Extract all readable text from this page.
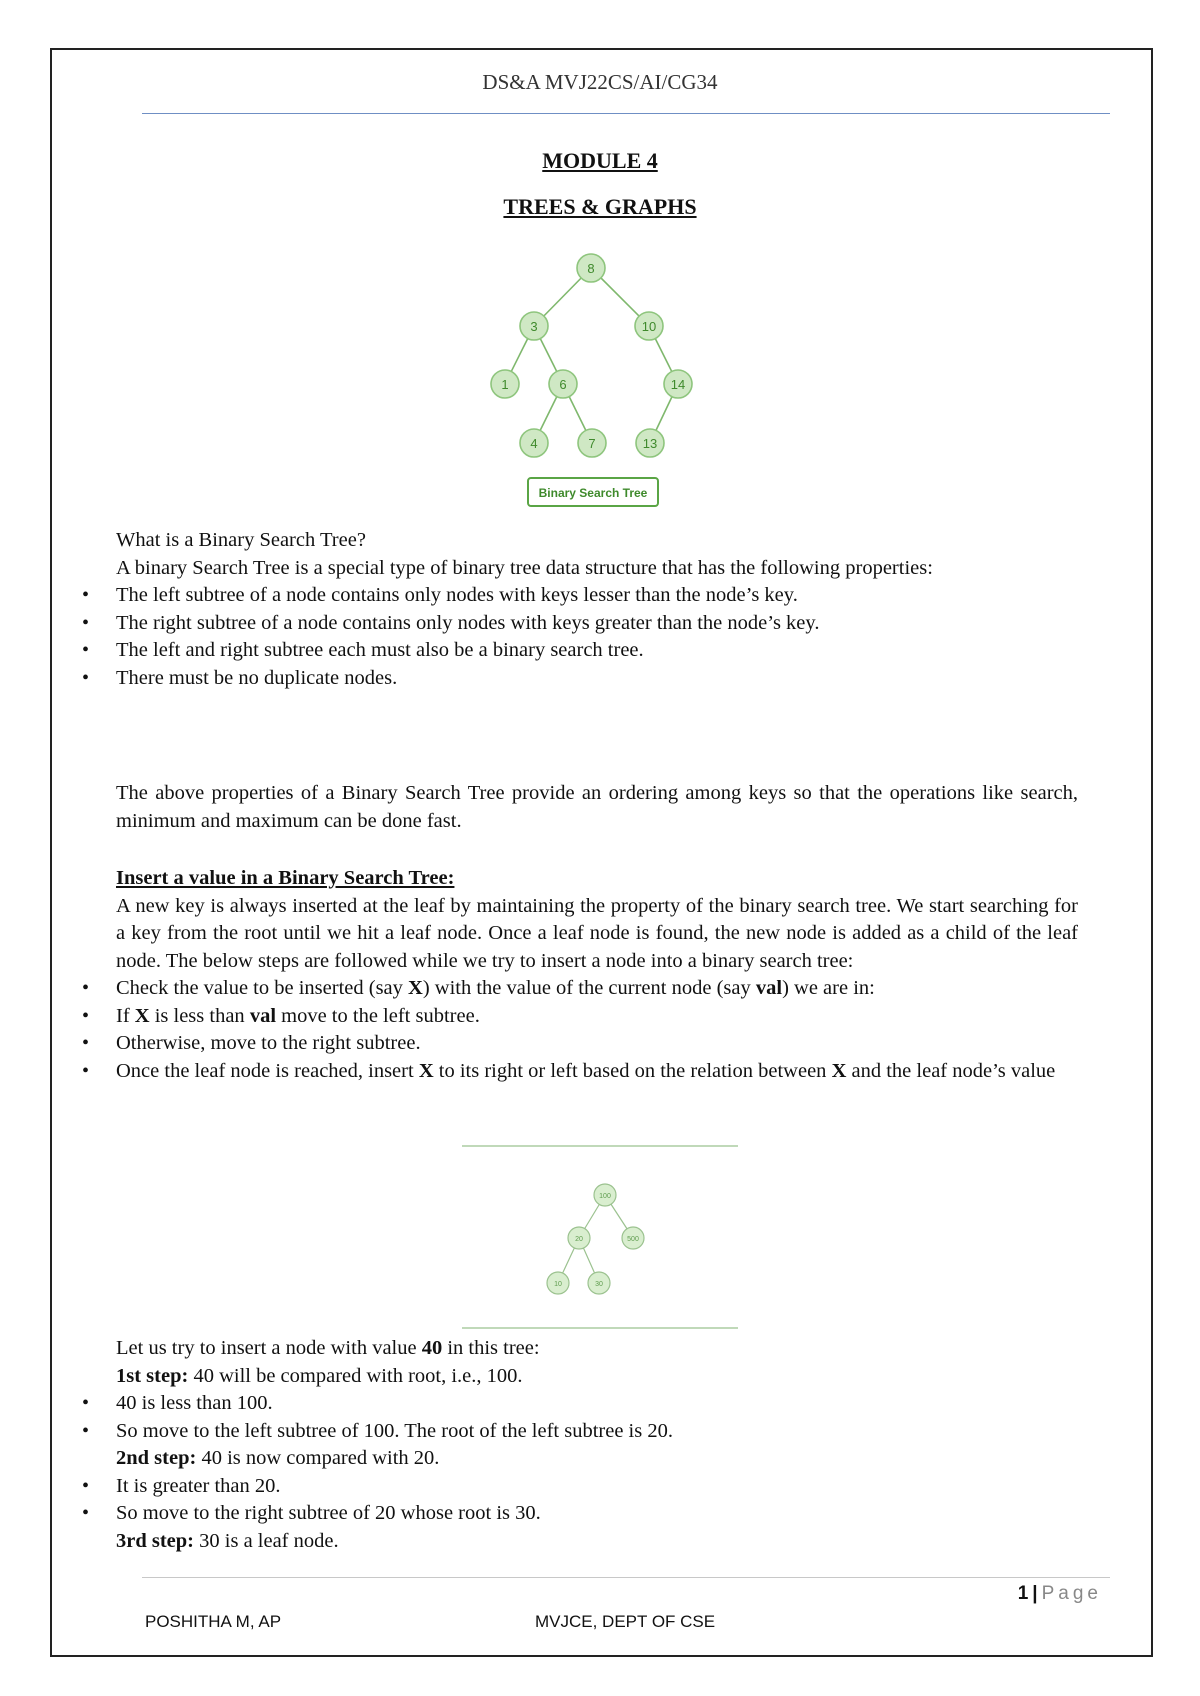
DS&A MVJ22CS/AI/CG34
MODULE 4
TREES & GRAPHS
8
3	10
1	6	14
4	7	13
Binary Search Tree
100
20	500
10	30
What is a Binary Search Tree?
A binary Search Tree is a special type of binary tree data structure that has the following properties:
• The left subtree of a node contains only nodes with keys lesser than the node’s key.
• The right subtree of a node contains only nodes with keys greater than the node’s key.
• The left and right subtree each must also be a binary search tree.
• There must be no duplicate nodes.
The above properties of a Binary Search Tree provide an ordering among keys so that the operations like search, minimum and maximum can be done fast.
Insert a value in a Binary Search Tree:
A new key is always inserted at the leaf by maintaining the property of the binary search tree. We start searching for a key from the root until we hit a leaf node. Once a leaf node is found, the new node is added as a child of the leaf node. The below steps are followed while we try to insert a node into a binary search tree:
• Check the value to be inserted (say X) with the value of the current node (say val) we are in:
• If X is less than val move to the left subtree.
• Otherwise, move to the right subtree.
• Once the leaf node is reached, insert X to its right or left based on the relation between X and the leaf node’s value
Let us try to insert a node with value 40 in this tree:
1st step: 40 will be compared with root, i.e., 100.
• 40 is less than 100.
• So move to the left subtree of 100. The root of the left subtree is 20.
2nd step: 40 is now compared with 20.
• It is greater than 20.
• So move to the right subtree of 20 whose root is 30.
3rd step: 30 is a leaf node.
1 | Page
POSHITHA M, AP	MVJCE, DEPT OF CSE
